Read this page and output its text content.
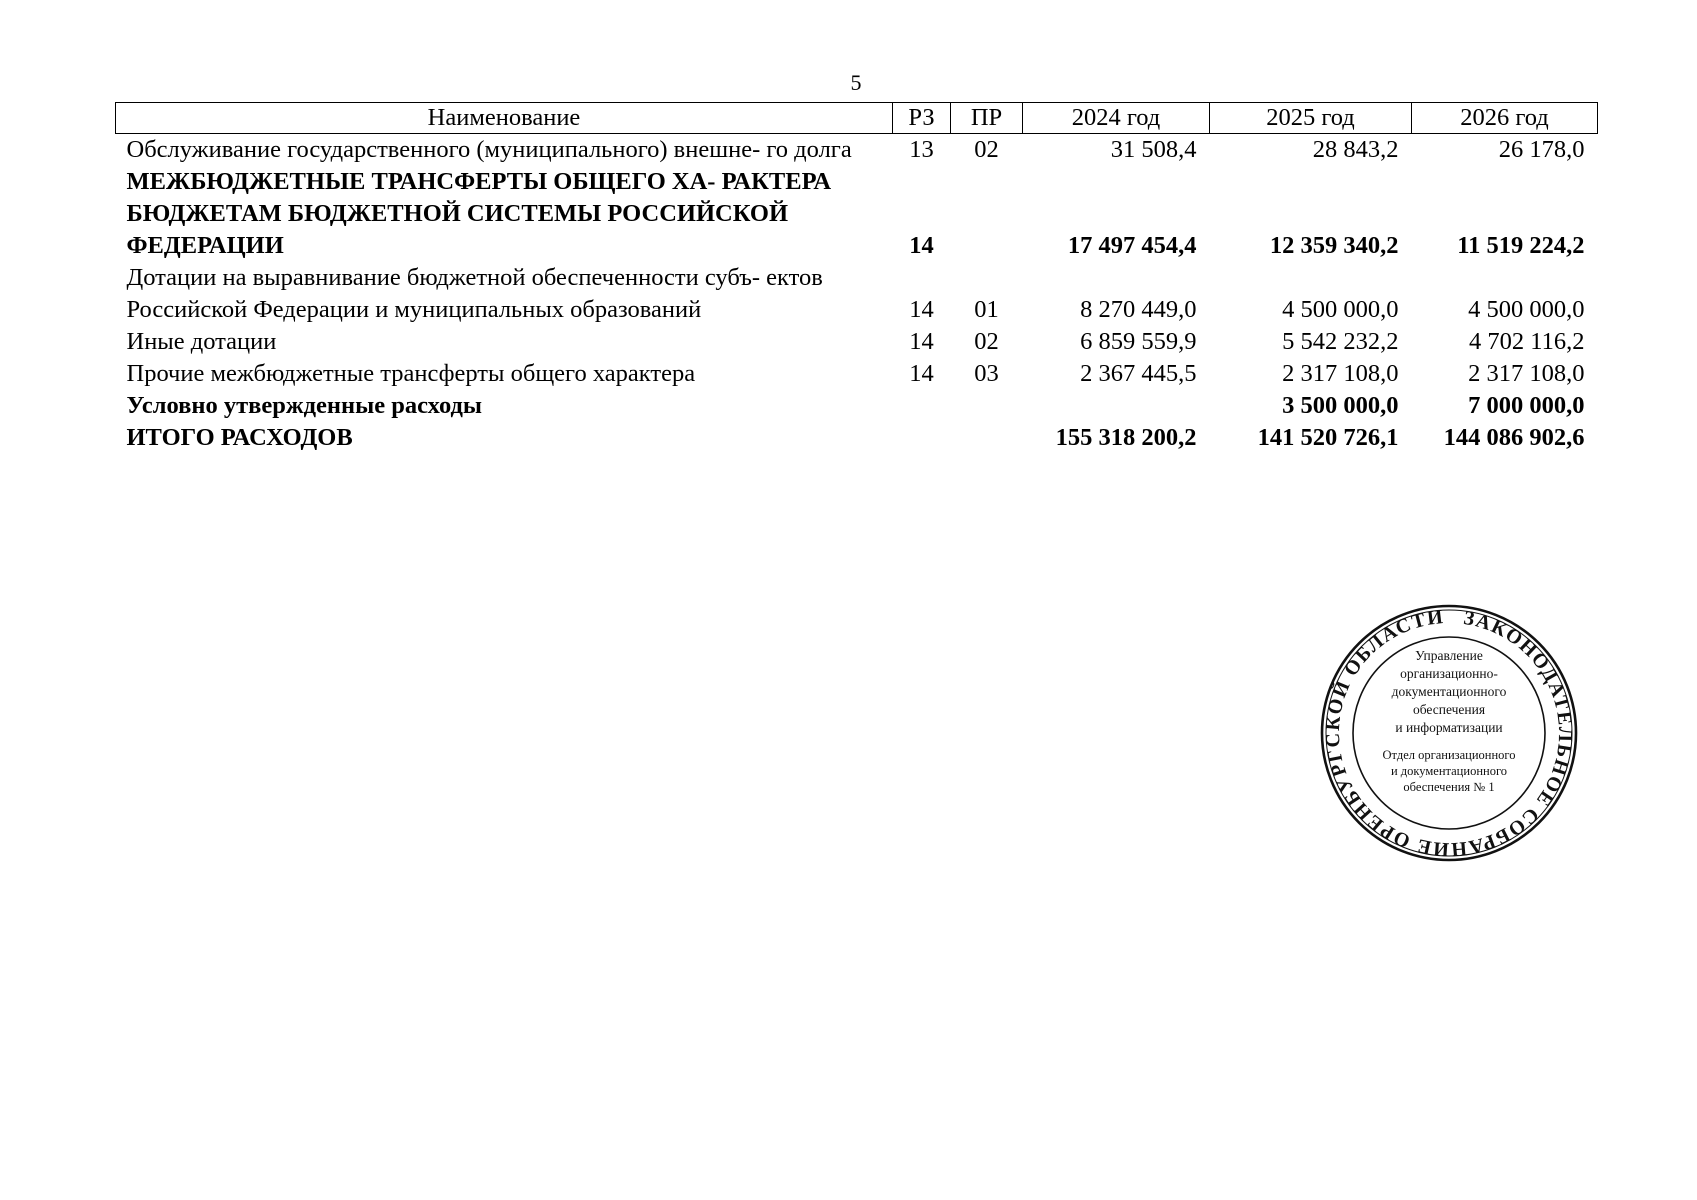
5
Наименование	РЗ	ПР	2024 год	2025 год	2026 год
Обслуживание государственного (муниципального) внешне- го долга	13	02	31 508,4	28 843,2	26 178,0
МЕЖБЮДЖЕТНЫЕ ТРАНСФЕРТЫ ОБЩЕГО ХА- РАКТЕРА БЮДЖЕТАМ БЮДЖЕТНОЙ СИСТЕМЫ РОССИЙСКОЙ ФЕДЕРАЦИИ	14		17 497 454,4	12 359 340,2	11 519 224,2
Дотации на выравнивание бюджетной обеспеченности субъ- ектов Российской Федерации и муниципальных образований	14	01	8 270 449,0	4 500 000,0	4 500 000,0
Иные дотации	14	02	6 859 559,9	5 542 232,2	4 702 116,2
Прочие межбюджетные трансферты общего характера	14	03	2 367 445,5	2 317 108,0	2 317 108,0
Условно утвержденные расходы				3 500 000,0	7 000 000,0
ИТОГО РАСХОДОВ			155 318 200,2	141 520 726,1	144 086 902,6
ЗАКОНОДАТЕЛЬНОЕ СОБРАНИЕ ОРЕНБУРГСКОЙ ОБЛАСТИ
Управление
организационно-
документационного
обеспечения
и информатизации
Отдел организационного
и документационного
обеспечения № 1
